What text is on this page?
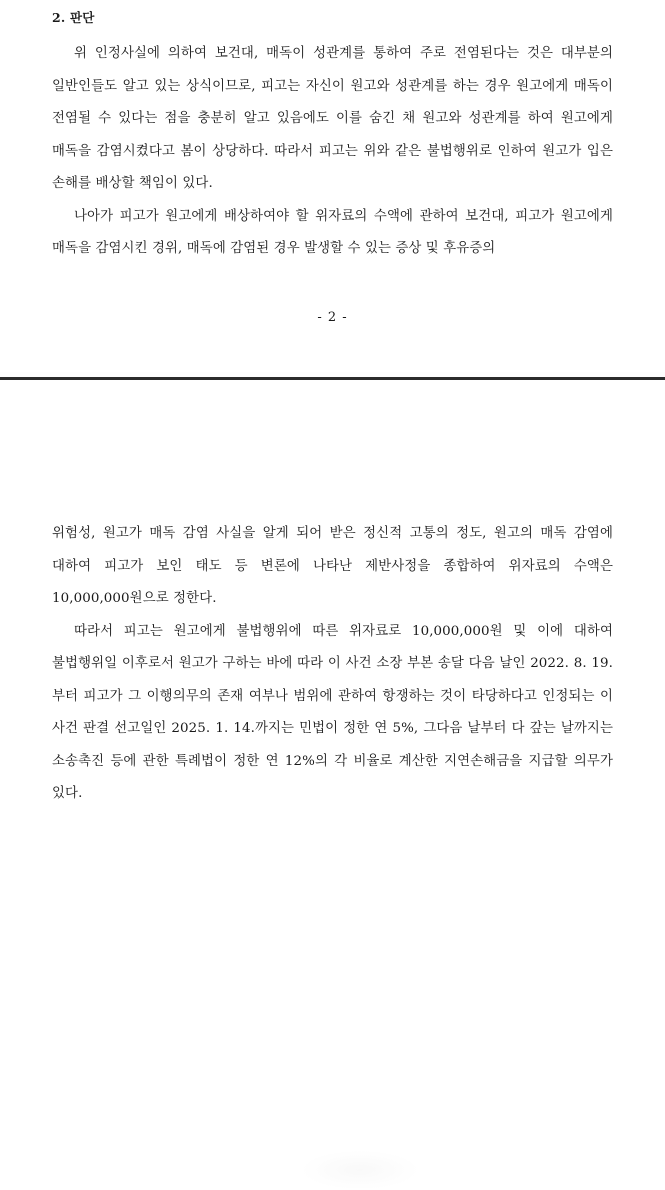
2. 판단

위 인정사실에 의하여 보건대, 매독이 성관계를 통하여 주로 전염된다는 것은 대부분의 일반인들도 알고 있는 상식이므로, 피고는 자신이 원고와 성관계를 하는 경우 원고에게 매독이 전염될 수 있다는 점을 충분히 알고 있음에도 이를 숨긴 채 원고와 성관계를 하여 원고에게 매독을 감염시켰다고 봄이 상당하다. 따라서 피고는 위와 같은 불법행위로 인하여 원고가 입은 손해를 배상할 책임이 있다.

나아가 피고가 원고에게 배상하여야 할 위자료의 수액에 관하여 보건대, 피고가 원고에게 매독을 감염시킨 경위, 매독에 감염된 경우 발생할 수 있는 증상 및 후유증의

- 2 -

위험성, 원고가 매독 감염 사실을 알게 되어 받은 정신적 고통의 정도, 원고의 매독 감염에 대하여 피고가 보인 태도 등 변론에 나타난 제반사정을 종합하여 위자료의 수액은 10,000,000원으로 정한다.

따라서 피고는 원고에게 불법행위에 따른 위자료로 10,000,000원 및 이에 대하여 불법행위일 이후로서 원고가 구하는 바에 따라 이 사건 소장 부본 송달 다음 날인 2022. 8. 19.부터 피고가 그 이행의무의 존재 여부나 범위에 관하여 항쟁하는 것이 타당하다고 인정되는 이 사건 판결 선고일인 2025. 1. 14.까지는 민법이 정한 연 5%, 그다음 날부터 다 갚는 날까지는 소송촉진 등에 관한 특례법이 정한 연 12%의 각 비율로 계산한 지연손해금을 지급할 의무가 있다.
